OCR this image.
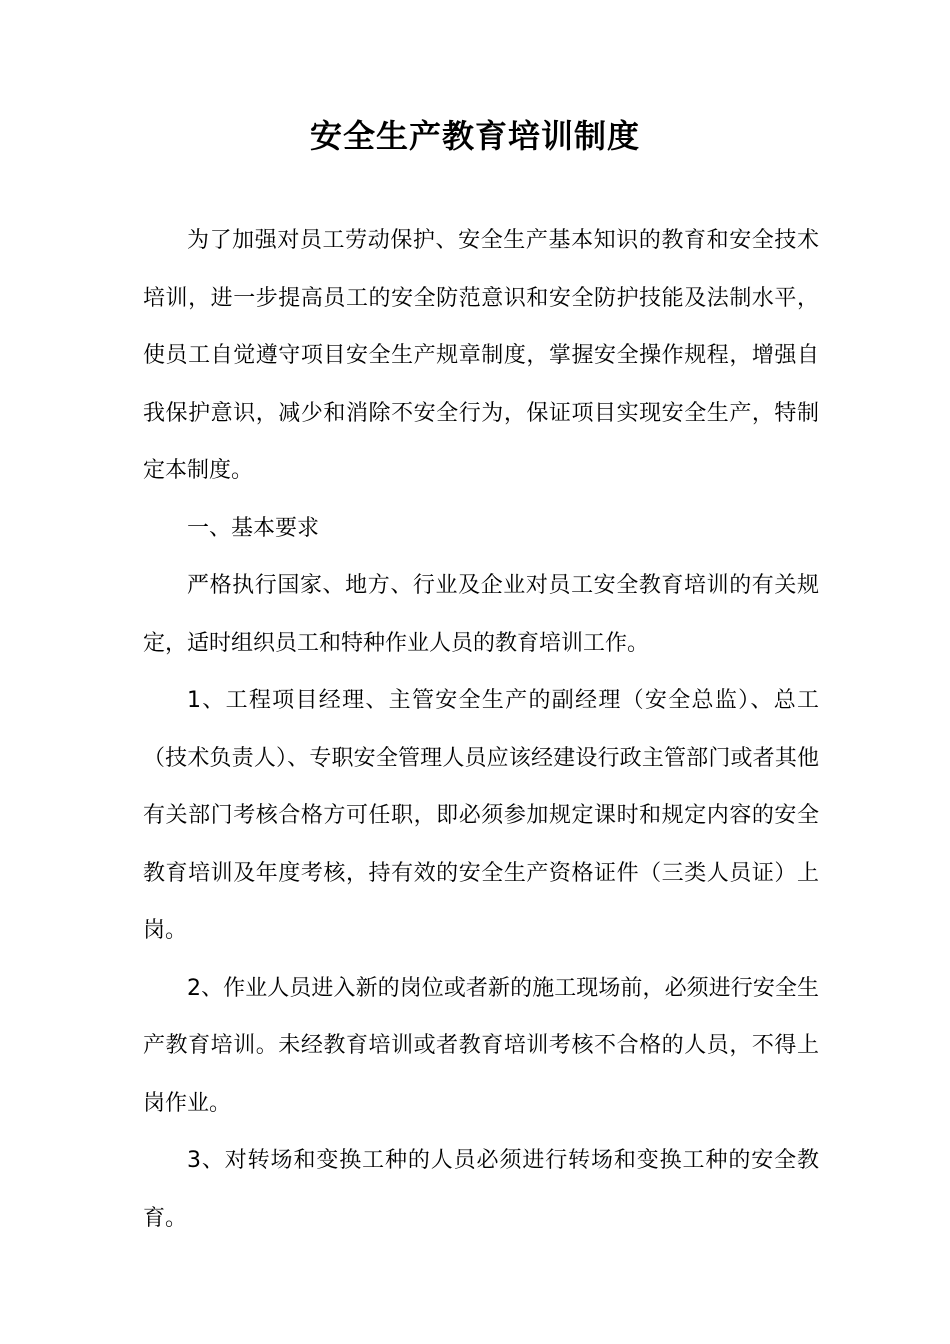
安全生产教育培训制度

为了加强对员工劳动保护、安全生产基本知识的教育和安全技术培训，进一步提高员工的安全防范意识和安全防护技能及法制水平，使员工自觉遵守项目安全生产规章制度，掌握安全操作规程，增强自我保护意识，减少和消除不安全行为，保证项目实现安全生产，特制定本制度。

一、基本要求

严格执行国家、地方、行业及企业对员工安全教育培训的有关规定，适时组织员工和特种作业人员的教育培训工作。

1、工程项目经理、主管安全生产的副经理（安全总监）、总工（技术负责人）、专职安全管理人员应该经建设行政主管部门或者其他有关部门考核合格方可任职，即必须参加规定课时和规定内容的安全教育培训及年度考核，持有效的安全生产资格证件（三类人员证）上岗。

2、作业人员进入新的岗位或者新的施工现场前，必须进行安全生产教育培训。未经教育培训或者教育培训考核不合格的人员，不得上岗作业。

3、对转场和变换工种的人员必须进行转场和变换工种的安全教育。
